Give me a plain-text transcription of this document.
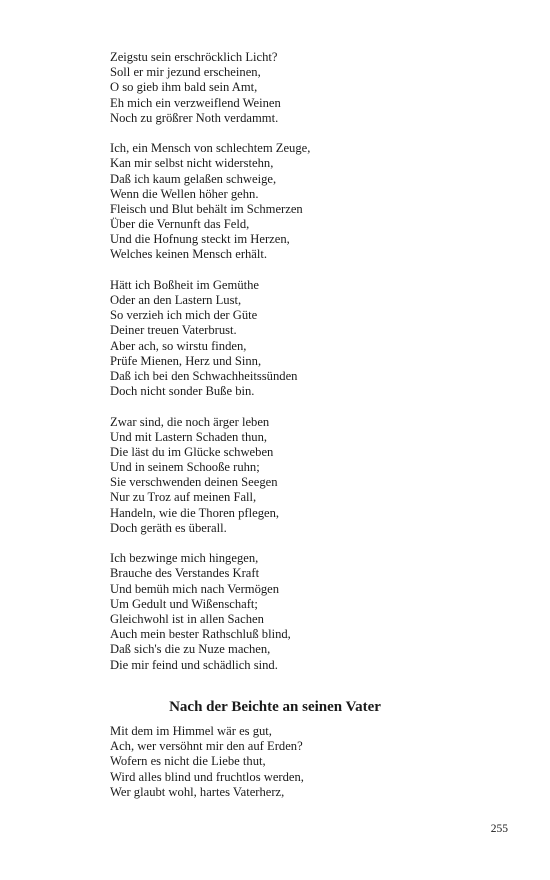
Zeigstu sein erschröcklich Licht?
Soll er mir jezund erscheinen,
O so gieb ihm bald sein Amt,
Eh mich ein verzweiflend Weinen
Noch zu größrer Noth verdammt.
Ich, ein Mensch von schlechtem Zeuge,
Kan mir selbst nicht widerstehn,
Daß ich kaum gelaßen schweige,
Wenn die Wellen höher gehn.
Fleisch und Blut behält im Schmerzen
Über die Vernunft das Feld,
Und die Hofnung steckt im Herzen,
Welches keinen Mensch erhält.
Hätt ich Boßheit im Gemüthe
Oder an den Lastern Lust,
So verzieh ich mich der Güte
Deiner treuen Vaterbrust.
Aber ach, so wirstu finden,
Prüfe Mienen, Herz und Sinn,
Daß ich bei den Schwachheitssünden
Doch nicht sonder Buße bin.
Zwar sind, die noch ärger leben
Und mit Lastern Schaden thun,
Die läst du im Glücke schweben
Und in seinem Schooße ruhn;
Sie verschwenden deinen Seegen
Nur zu Troz auf meinen Fall,
Handeln, wie die Thoren pflegen,
Doch geräth es überall.
Ich bezwinge mich hingegen,
Brauche des Verstandes Kraft
Und bemüh mich nach Vermögen
Um Gedult und Wißenschaft;
Gleichwohl ist in allen Sachen
Auch mein bester Rathschluß blind,
Daß sich's die zu Nuze machen,
Die mir feind und schädlich sind.
Nach der Beichte an seinen Vater
Mit dem im Himmel wär es gut,
Ach, wer versöhnt mir den auf Erden?
Wofern es nicht die Liebe thut,
Wird alles blind und fruchtlos werden,
Wer glaubt wohl, hartes Vaterherz,
255
